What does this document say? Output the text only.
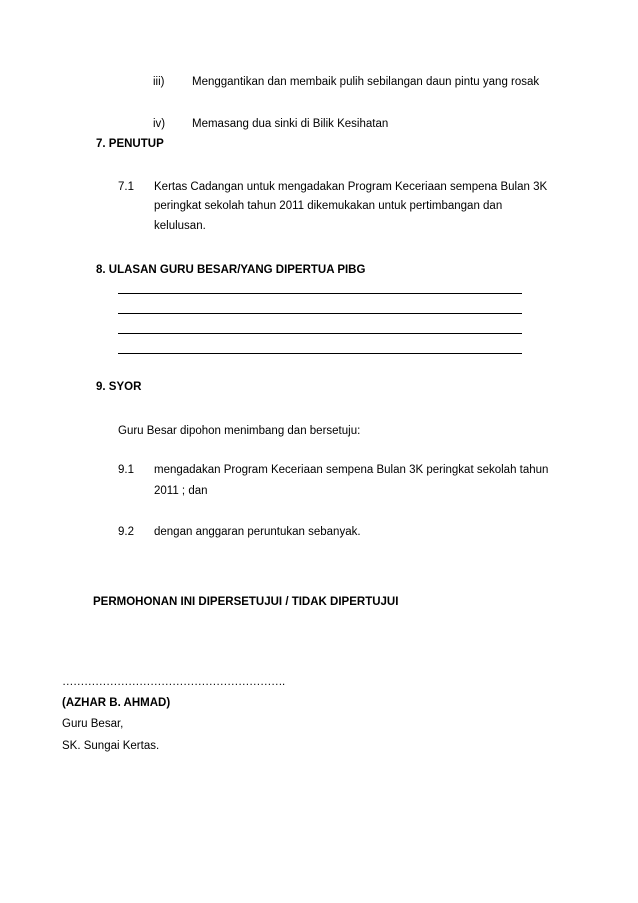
iii) Menggantikan dan membaik pulih sebilangan daun pintu yang rosak
iv) Memasang dua sinki di Bilik Kesihatan
7. PENUTUP
7.1 Kertas Cadangan untuk mengadakan Program Keceriaan sempena Bulan 3K
peringkat sekolah tahun 2011 dikemukakan untuk pertimbangan dan
kelulusan.
8. ULASAN GURU BESAR/YANG DIPERTUA PIBG
9. SYOR
Guru Besar dipohon menimbang dan bersetuju:
9.1 mengadakan Program Keceriaan sempena Bulan 3K peringkat sekolah tahun
2011 ; dan
9.2 dengan anggaran peruntukan sebanyak.
PERMOHONAN INI DIPERSETUJUI / TIDAK DIPERTUJUI
…………………………………………………….
(AZHAR B. AHMAD)
Guru Besar,
SK. Sungai Kertas.
